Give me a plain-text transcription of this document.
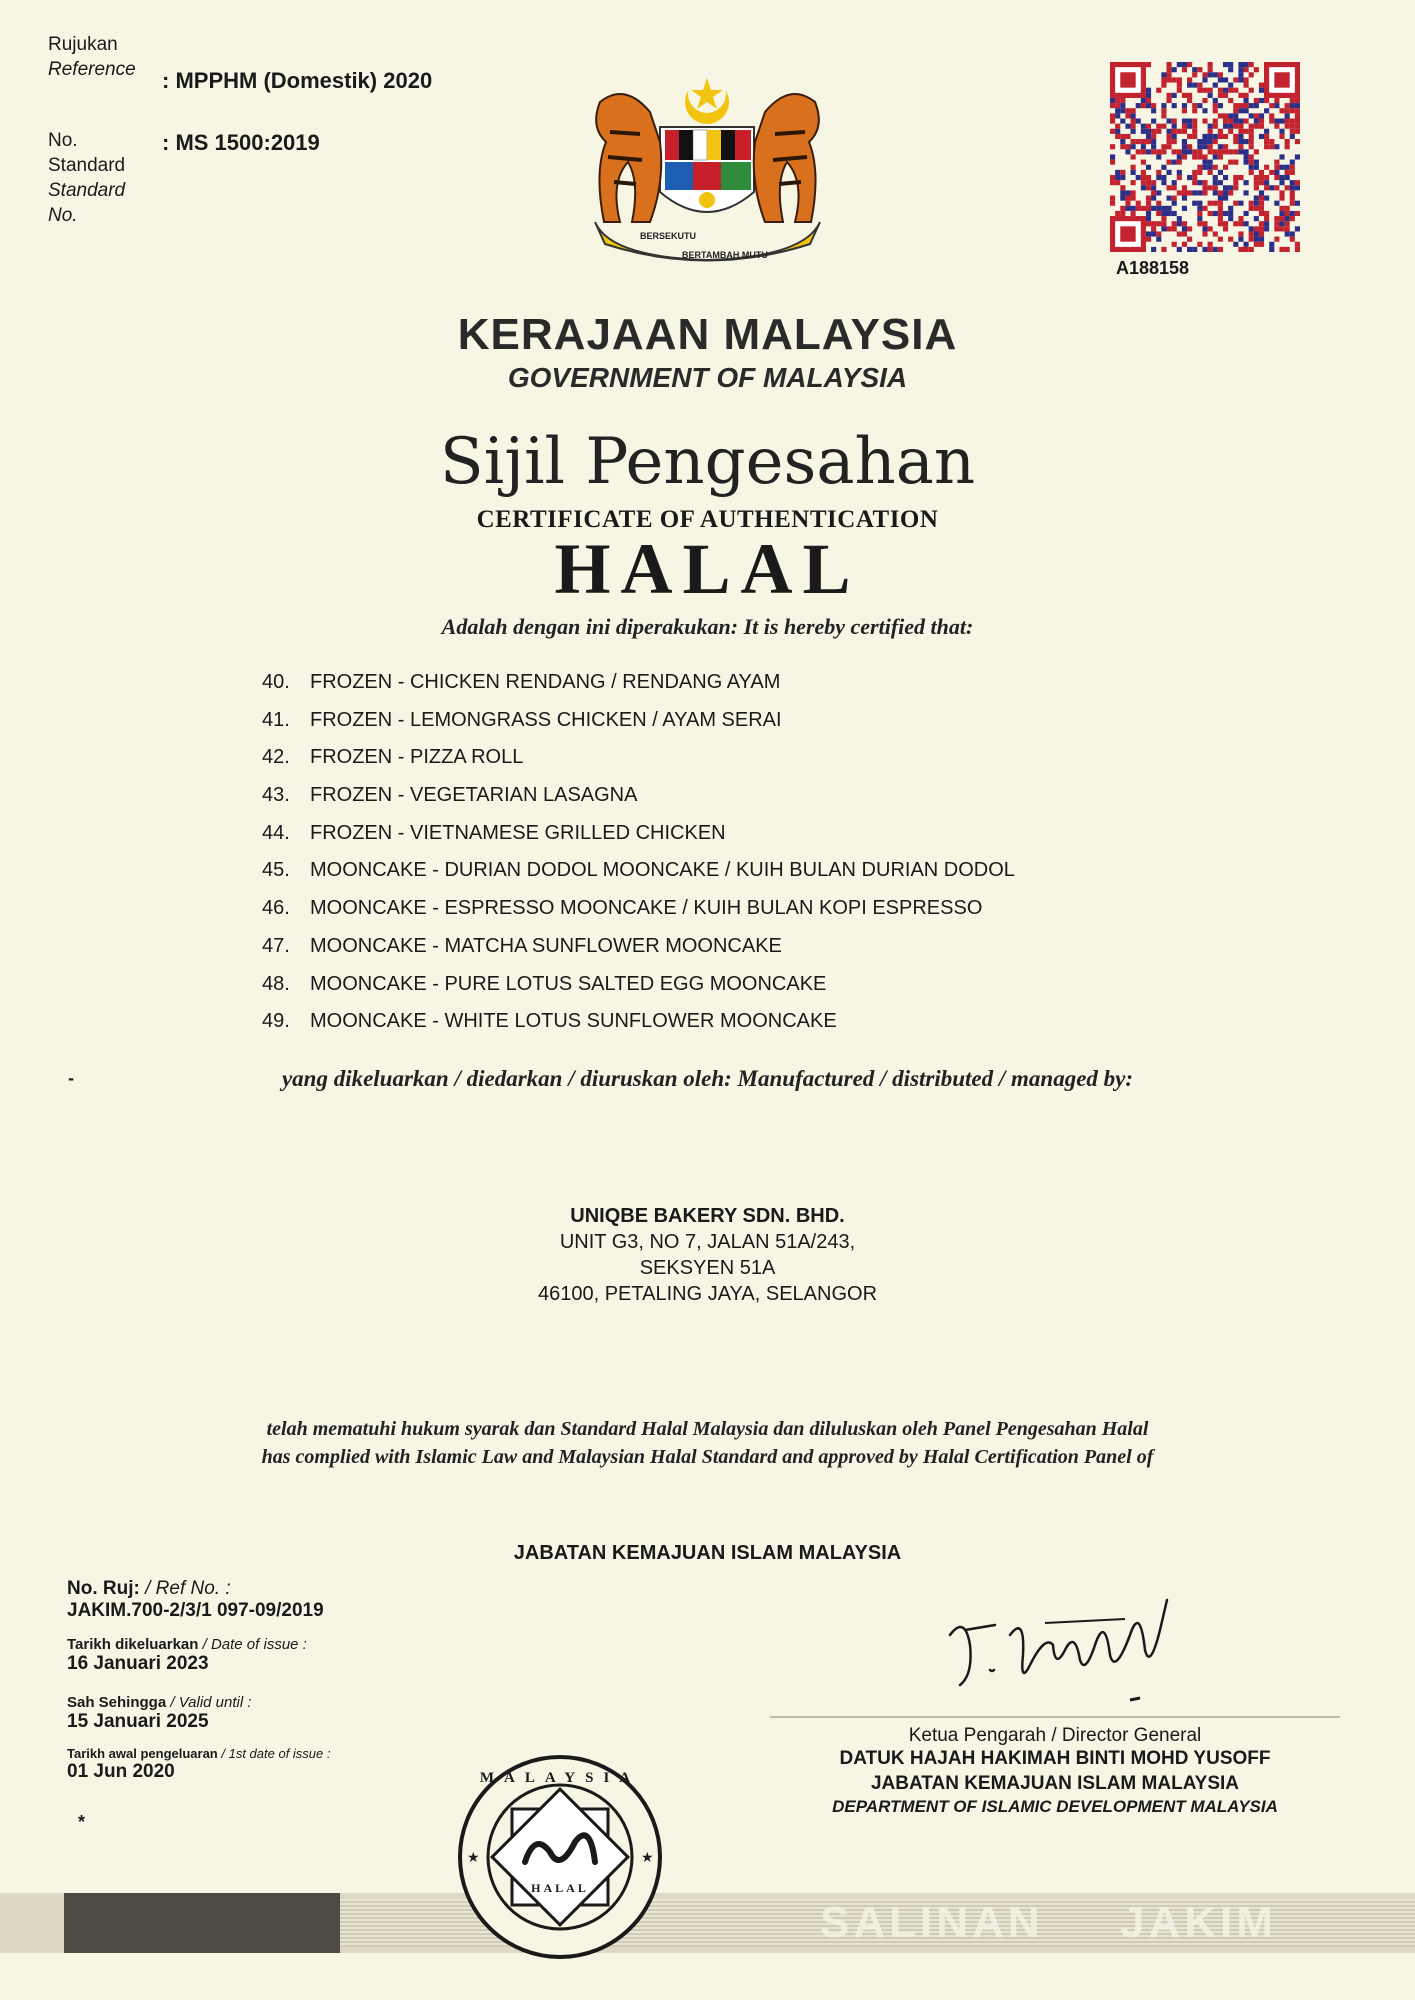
Rujukan
Reference : MPPHM (Domestik) 2020
No.
Standard
Standard
No.
: MS 1500:2019
BERSEKUTU
BERTAMBAH MUTU
A188158
KERAJAAN MALAYSIA
GOVERNMENT OF MALAYSIA
Sijil Pengesahan
CERTIFICATE OF AUTHENTICATION
HALAL
Adalah dengan ini diperakukan: It is hereby certified that:
40. FROZEN - CHICKEN RENDANG / RENDANG AYAM
41. FROZEN - LEMONGRASS CHICKEN / AYAM SERAI
42. FROZEN - PIZZA ROLL
43. FROZEN - VEGETARIAN LASAGNA
44. FROZEN - VIETNAMESE GRILLED CHICKEN
45. MOONCAKE - DURIAN DODOL MOONCAKE / KUIH BULAN DURIAN DODOL
46. MOONCAKE - ESPRESSO MOONCAKE / KUIH BULAN KOPI ESPRESSO
47. MOONCAKE - MATCHA SUNFLOWER MOONCAKE
48. MOONCAKE - PURE LOTUS SALTED EGG MOONCAKE
49. MOONCAKE - WHITE LOTUS SUNFLOWER MOONCAKE
-	yang dikeluarkan / diedarkan / diuruskan oleh: Manufactured / distributed / managed by:
UNIQBE BAKERY SDN. BHD.
UNIT G3, NO 7, JALAN 51A/243,
SEKSYEN 51A
46100, PETALING JAYA, SELANGOR
telah mematuhi hukum syarak dan Standard Halal Malaysia dan diluluskan oleh Panel Pengesahan Halal
has complied with Islamic Law and Malaysian Halal Standard and approved by Halal Certification Panel of
JABATAN KEMAJUAN ISLAM MALAYSIA
No. Ruj: / Ref No. :
JAKIM.700-2/3/1 097-09/2019
Tarikh dikeluarkan / Date of issue :
16 Januari 2023
Sah Sehingga / Valid until :
15 Januari 2025
Tarikh awal pengeluaran / 1st date of issue :
01 Jun 2020
*
Ketua Pengarah / Director General
DATUK HAJAH HAKIMAH BINTI MOHD YUSOFF
JABATAN KEMAJUAN ISLAM MALAYSIA
DEPARTMENT OF ISLAMIC DEVELOPMENT MALAYSIA
SALINAN JAKIM
HALAL
MALAYSIA
★	★
